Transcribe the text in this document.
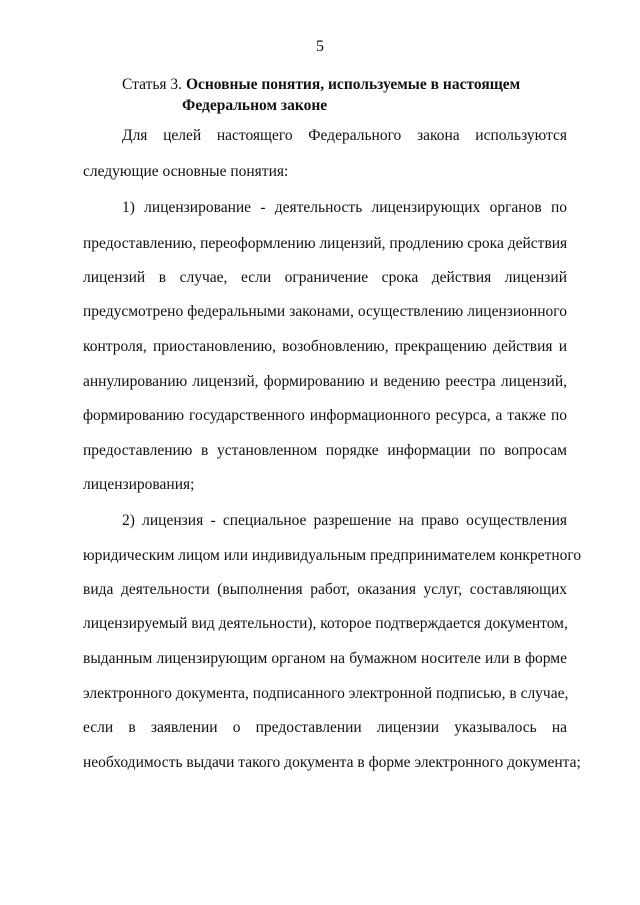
5
Статья 3. Основные понятия, используемые в настоящем
Федеральном законе
Для целей настоящего Федерального закона используются
следующие основные понятия:
1) лицензирование - деятельность лицензирующих органов по
предоставлению, переоформлению лицензий, продлению срока действия
лицензий в случае, если ограничение срока действия лицензий
предусмотрено федеральными законами, осуществлению лицензионного
контроля, приостановлению, возобновлению, прекращению действия и
аннулированию лицензий, формированию и ведению реестра лицензий,
формированию государственного информационного ресурса, а также по
предоставлению в установленном порядке информации по вопросам
лицензирования;
2) лицензия - специальное разрешение на право осуществления
юридическим лицом или индивидуальным предпринимателем конкретного
вида деятельности (выполнения работ, оказания услуг, составляющих
лицензируемый вид деятельности), которое подтверждается документом,
выданным лицензирующим органом на бумажном носителе или в форме
электронного документа, подписанного электронной подписью, в случае,
если в заявлении о предоставлении лицензии указывалось на
необходимость выдачи такого документа в форме электронного документа;
